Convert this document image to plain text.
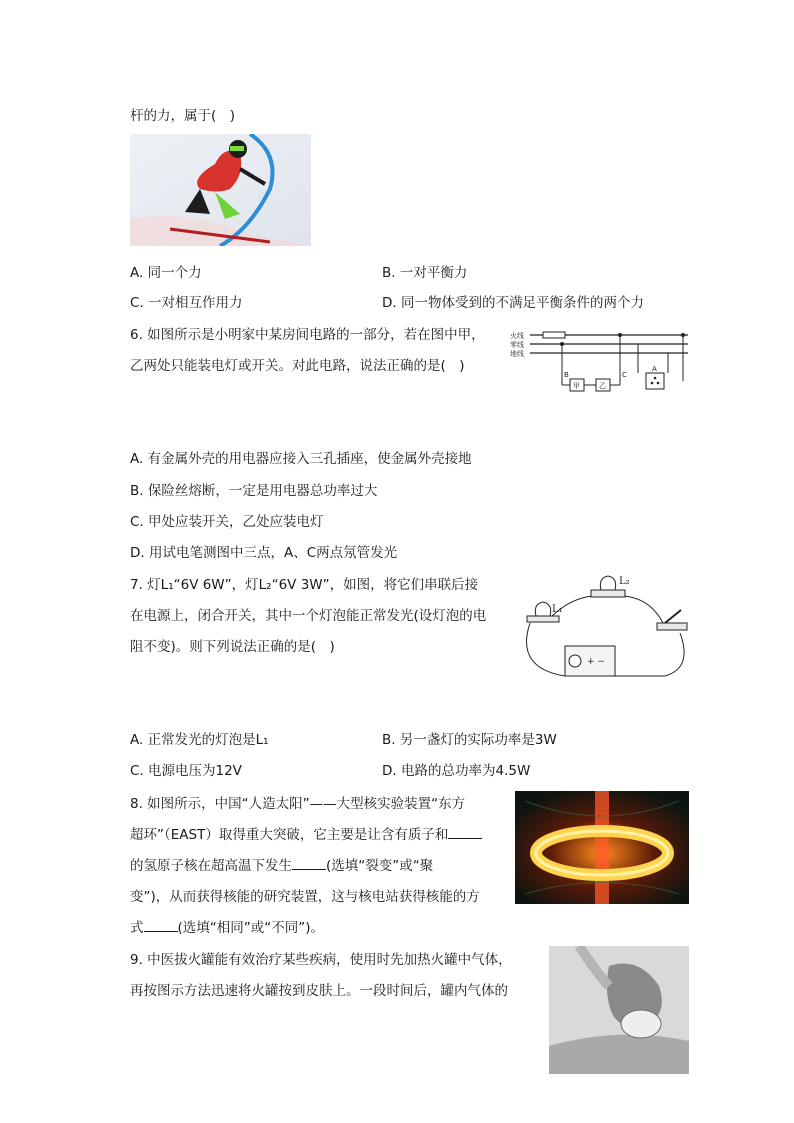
杆的力，属于(　)
A. 同一个力	B. 一对平衡力
C. 一对相互作用力	D. 同一物体受到的不满足平衡条件的两个力
6. 如图所示是小明家中某房间电路的一部分，若在图中甲，
乙两处只能装电灯或开关。对此电路，说法正确的是(　)
火线
零线
地线
甲	乙
B	C
A
A. 有金属外壳的用电器应接入三孔插座，使金属外壳接地
B. 保险丝熔断，一定是用电器总功率过大
C. 甲处应装开关，乙处应装电灯
D. 用试电笔测图中三点，A、C两点氖管发光
7. 灯L₁“6V 6W”，灯L₂“6V 3W”，如图，将它们串联后接
在电源上，闭合开关，其中一个灯泡能正常发光(设灯泡的电
阻不变)。则下列说法正确的是(　)
L₁
L₂
+ −
A. 正常发光的灯泡是L₁	B. 另一盏灯的实际功率是3W
C. 电源电压为12V	D. 电路的总功率为4.5W
8. 如图所示，中国“人造太阳”——大型核实验装置“东方
超环”（EAST）取得重大突破，它主要是让含有质子和
的氢原子核在超高温下发生	(选填“裂变”或“聚
变”)，从而获得核能的研究装置，这与核电站获得核能的方
式	(选填“相同”或“不同”)。
9. 中医拔火罐能有效治疗某些疾病，使用时先加热火罐中气体，
再按图示方法迅速将火罐按到皮肤上。一段时间后，罐内气体的
